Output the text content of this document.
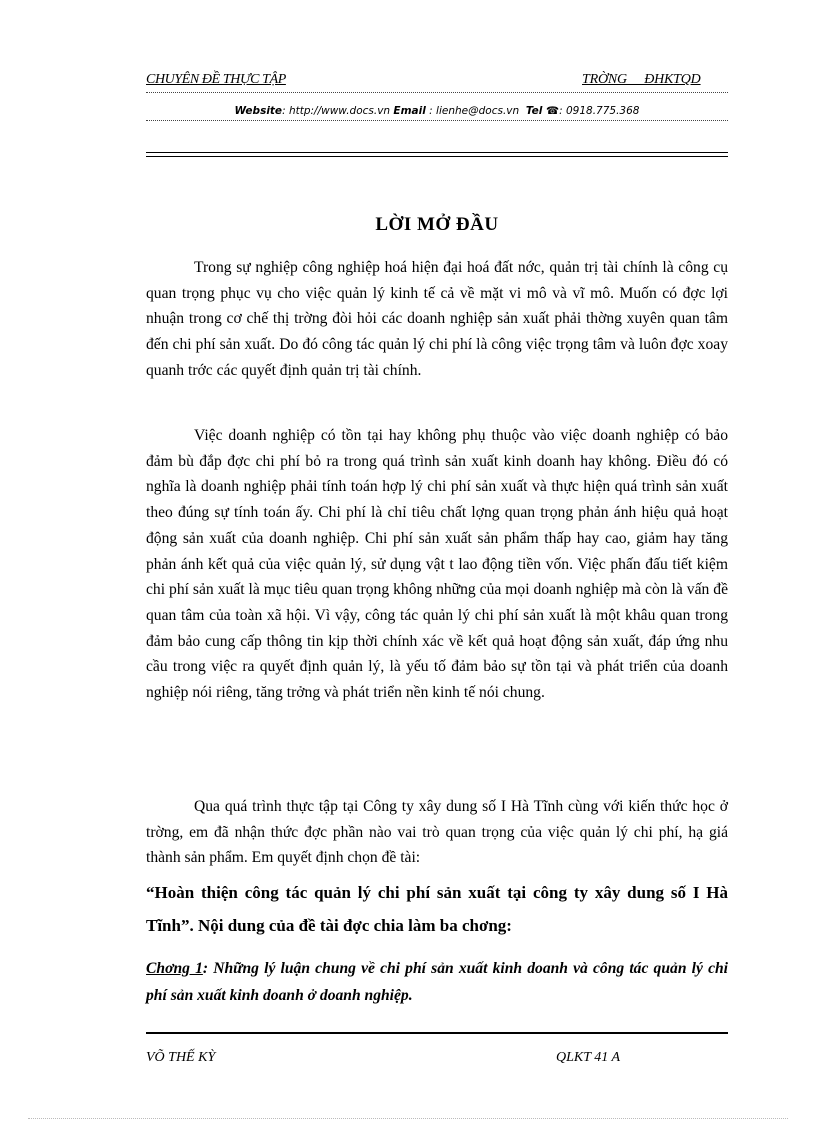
CHUYÊN ĐỀ THỰC TẬP	TRỜNG ĐHKTQD
Website: http://www.docs.vn Email : lienhe@docs.vn Tel ☎: 0918.775.368
LỜI MỞ ĐẦU

Trong sự nghiệp công nghiệp hoá hiện đại hoá đất nớc, quản trị tài chính là công cụ quan trọng phục vụ cho việc quản lý kinh tế cả về mặt vi mô và vĩ mô. Muốn có đợc lợi nhuận trong cơ chế thị trờng đòi hỏi các doanh nghiệp sản xuất phải thờng xuyên quan tâm đến chi phí sản xuất. Do đó công tác quản lý chi phí là công việc trọng tâm và luôn đợc xoay quanh trớc các quyết định quản trị tài chính.

Việc doanh nghiệp có tồn tại hay không phụ thuộc vào việc doanh nghiệp có bảo đảm bù đắp đợc chi phí bỏ ra trong quá trình sản xuất kinh doanh hay không. Điều đó có nghĩa là doanh nghiệp phải tính toán hợp lý chi phí sản xuất và thực hiện quá trình sản xuất theo đúng sự tính toán ấy. Chi phí là chỉ tiêu chất lợng quan trọng phản ánh hiệu quả hoạt động sản xuất của doanh nghiệp. Chi phí sản xuất sản phẩm thấp hay cao, giảm hay tăng phản ánh kết quả của việc quản lý, sử dụng vật t lao động tiền vốn. Việc phấn đấu tiết kiệm chi phí sản xuất là mục tiêu quan trọng không những của mọi doanh nghiệp mà còn là vấn đề quan tâm của toàn xã hội. Vì vậy, công tác quản lý chi phí sản xuất là một khâu quan trong đảm bảo cung cấp thông tin kịp thời chính xác về kết quả hoạt động sản xuất, đáp ứng nhu cầu trong việc ra quyết định quản lý, là yếu tố đảm bảo sự tồn tại và phát triển của doanh nghiệp nói riêng, tăng trởng và phát triển nền kinh tế nói chung.

Qua quá trình thực tập tại Công ty xây dung số I Hà Tĩnh cùng với kiến thức học ở trờng, em đã nhận thức đợc phần nào vai trò quan trọng của việc quản lý chi phí, hạ giá thành sản phẩm. Em quyết định chọn đề tài:

“Hoàn thiện công tác quản lý chi phí sản xuất tại công ty xây dung số I Hà Tĩnh”. Nội dung của đề tài đợc chia làm ba chơng:
Chơng 1: Những lý luận chung về chi phí sản xuất kinh doanh và công tác quản lý chi phí sản xuất kinh doanh ở doanh nghiệp.
VÕ THẾ KỲ	QLKT 41 A
